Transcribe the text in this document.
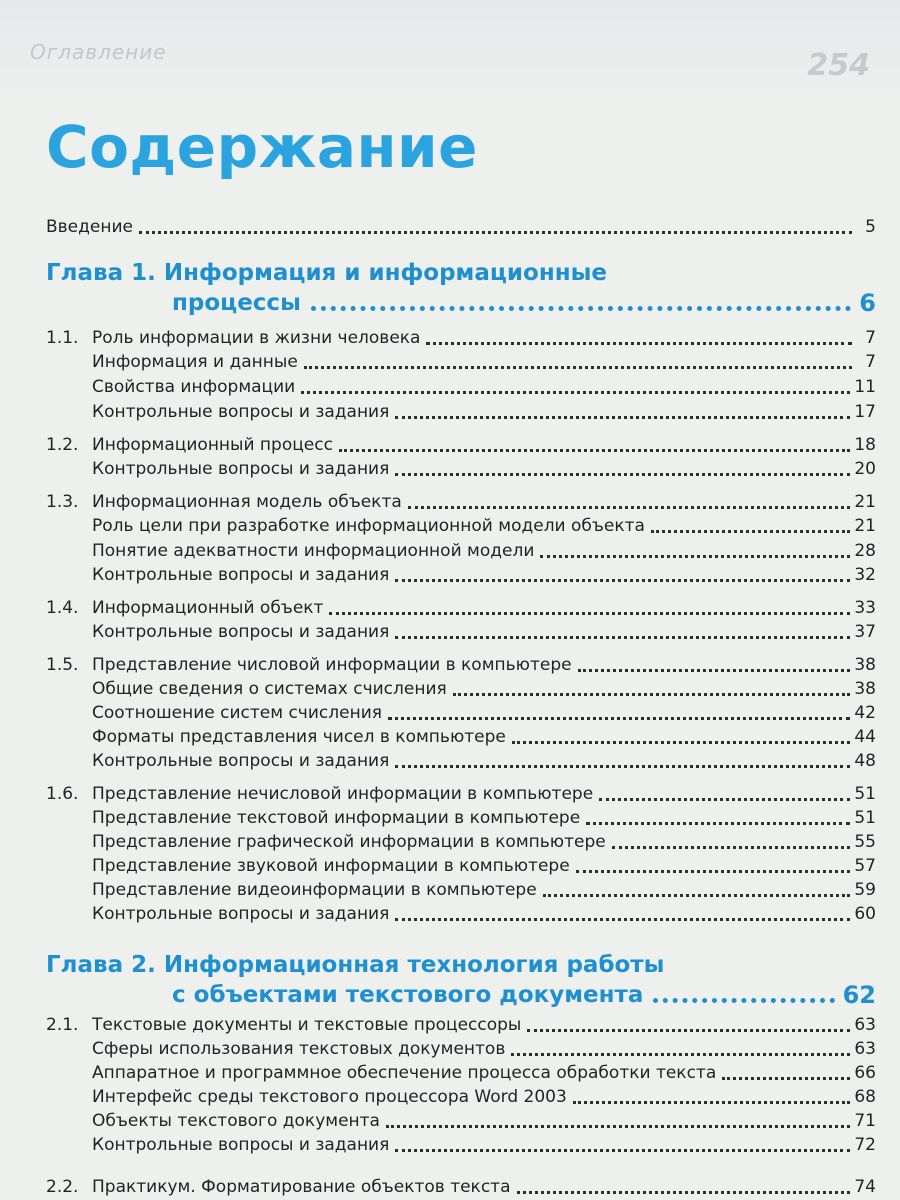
Оглавление	254
Содержание
Введение	5
Глава 1. Информация и информационные
процессы	6
1.1. Роль информации в жизни человека	7
Информация и данные	7
Свойства информации	11
Контрольные вопросы и задания	17
1.2. Информационный процесс	18
Контрольные вопросы и задания	20
1.3. Информационная модель объекта	21
Роль цели при разработке информационной модели объекта	21
Понятие адекватности информационной модели	28
Контрольные вопросы и задания	32
1.4. Информационный объект	33
Контрольные вопросы и задания	37
1.5. Представление числовой информации в компьютере	38
Общие сведения о системах счисления	38
Соотношение систем счисления	42
Форматы представления чисел в компьютере	44
Контрольные вопросы и задания	48
1.6. Представление нечисловой информации в компьютере	51
Представление текстовой информации в компьютере	51
Представление графической информации в компьютере	55
Представление звуковой информации в компьютере	57
Представление видеоинформации в компьютере	59
Контрольные вопросы и задания	60
Глава 2. Информационная технология работы
с объектами текстового документа	62
2.1. Текстовые документы и текстовые процессоры	63
Сферы использования текстовых документов	63
Аппаратное и программное обеспечение процесса обработки текста	66
Интерфейс среды текстового процессора Word 2003	68
Объекты текстового документа	71
Контрольные вопросы и задания	72
2.2. Практикум. Форматирование объектов текста	74
